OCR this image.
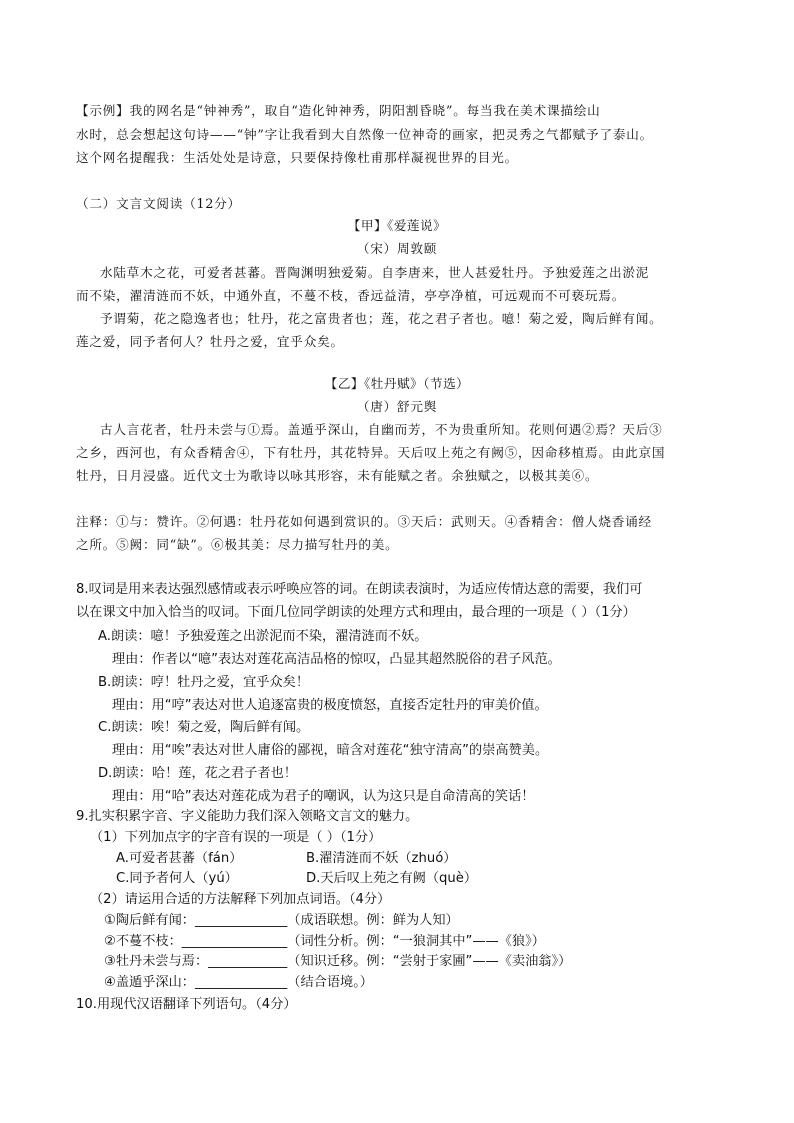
【示例】我的网名是“钟神秀”，取自“造化钟神秀，阴阳割昏晓”。每当我在美术课描绘山

水时，总会想起这句诗——“钟”字让我看到大自然像一位神奇的画家，把灵秀之气都赋予了泰山。

这个网名提醒我：生活处处是诗意，只要保持像杜甫那样凝视世界的目光。

（二）文言文阅读（12分）

【甲】《爱莲说》

（宋）周敦颐

水陆草木之花，可爱者甚蕃。晋陶渊明独爱菊。自李唐来，世人甚爱牡丹。予独爱莲之出淤泥

而不染，濯清涟而不妖，中通外直，不蔓不枝，香远益清，亭亭净植，可远观而不可亵玩焉。

予谓菊，花之隐逸者也；牡丹，花之富贵者也；莲，花之君子者也。噫！菊之爱，陶后鲜有闻。

莲之爱，同予者何人？牡丹之爱，宜乎众矣。

【乙】《牡丹赋》（节选）

（唐）舒元舆

古人言花者，牡丹未尝与①焉。盖遁乎深山，自幽而芳，不为贵重所知。花则何遇②焉？天后③

之乡，西河也，有众香精舍④，下有牡丹，其花特异。天后叹上苑之有阙⑤，因命移植焉。由此京国

牡丹，日月浸盛。近代文士为歌诗以咏其形容，未有能赋之者。余独赋之，以极其美⑥。

注释：①与：赞许。②何遇：牡丹花如何遇到赏识的。③天后：武则天。④香精舍：僧人烧香诵经

之所。⑤阙：同“缺”。⑥极其美：尽力描写牡丹的美。

8.叹词是用来表达强烈感情或表示呼唤应答的词。在朗读表演时，为适应传情达意的需要，我们可

以在课文中加入恰当的叹词。下面几位同学朗读的处理方式和理由，最合理的一项是（ ）（1分）

A.朗读：噫！予独爱莲之出淤泥而不染，濯清涟而不妖。

理由：作者以“噫”表达对莲花高洁品格的惊叹，凸显其超然脱俗的君子风范。

B.朗读：哼！牡丹之爱，宜乎众矣！

理由：用“哼”表达对世人追逐富贵的极度愤怒，直接否定牡丹的审美价值。

C.朗读：唉！菊之爱，陶后鲜有闻。

理由：用“唉”表达对世人庸俗的鄙视，暗含对莲花“独守清高”的崇高赞美。

D.朗读：哈！莲，花之君子者也！

理由：用“哈”表达对莲花成为君子的嘲讽，认为这只是自命清高的笑话！

9.扎实积累字音、字义能助力我们深入领略文言文的魅力。

（1）下列加点字的字音有误的一项是（ ）（1分）

A.可爱者甚蕃（fán）	B.濯清涟而不妖（zhuó）

C.同予者何人（yú）	D.天后叹上苑之有阙（què）

（2）请运用合适的方法解释下列加点词语。（4分）

①陶后鲜有闻：______________（成语联想。例：鲜为人知）

②不蔓不枝：________________（词性分析。例：“一狼洞其中”——《狼》）

③牡丹未尝与焉：____________（知识迁移。例：“尝射于家圃”——《卖油翁》）

④盖遁乎深山：______________（结合语境。）

10.用现代汉语翻译下列语句。（4分）
